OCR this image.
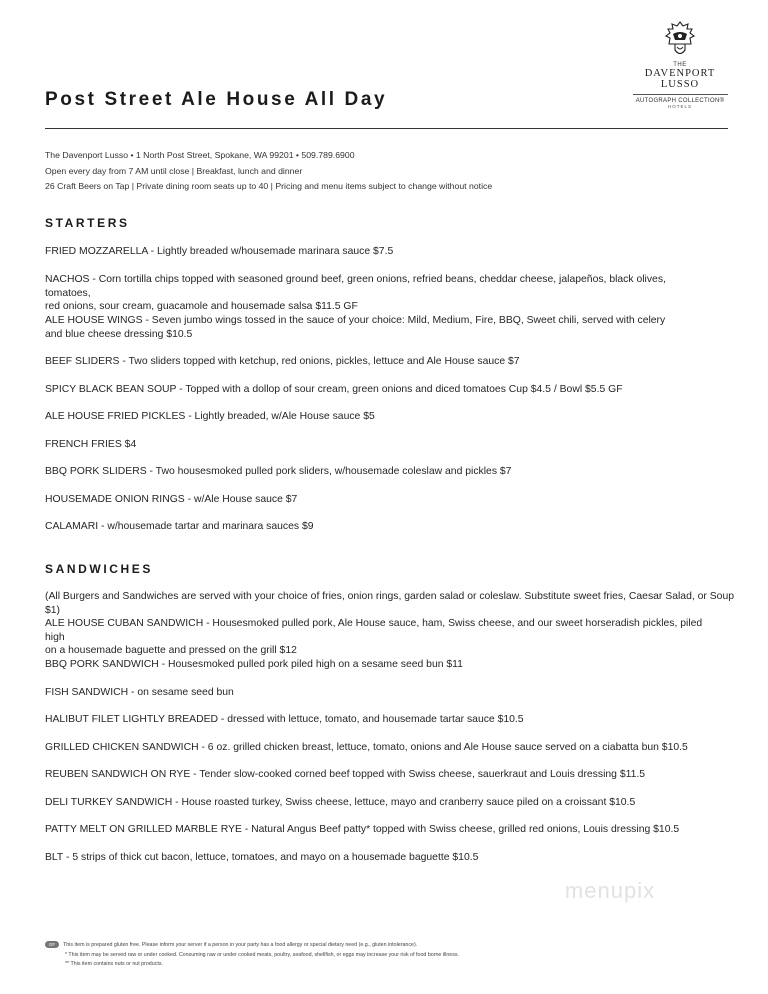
THE
DAVENPORT
LUSSO
AUTOGRAPH COLLECTION®
HOTELS
Post Street Ale House All Day
The Davenport Lusso • 1 North Post Street, Spokane, WA 99201 • 509.789.6900
Open every day from 7 AM until close | Breakfast, lunch and dinner
26 Craft Beers on Tap | Private dining room seats up to 40 | Pricing and menu items subject to change without notice
STARTERS
FRIED MOZZARELLA - Lightly breaded w/housemade marinara sauce $7.5
NACHOS - Corn tortilla chips topped with seasoned ground beef, green onions, refried beans, cheddar cheese, jalapeños, black olives, tomatoes,
red onions, sour cream, guacamole and housemade salsa $11.5 GF
ALE HOUSE WINGS - Seven jumbo wings tossed in the sauce of your choice: Mild, Medium, Fire, BBQ, Sweet chili, served with celery
and blue cheese dressing $10.5
BEEF SLIDERS - Two sliders topped with ketchup, red onions, pickles, lettuce and Ale House sauce $7
SPICY BLACK BEAN SOUP - Topped with a dollop of sour cream, green onions and diced tomatoes Cup $4.5 / Bowl $5.5 GF
ALE HOUSE FRIED PICKLES - Lightly breaded, w/Ale House sauce $5
FRENCH FRIES $4
BBQ PORK SLIDERS - Two housesmoked pulled pork sliders, w/housemade coleslaw and pickles $7
HOUSEMADE ONION RINGS - w/Ale House sauce $7
CALAMARI - w/housemade tartar and marinara sauces $9
SANDWICHES
(All Burgers and Sandwiches are served with your choice of fries, onion rings, garden salad or coleslaw. Substitute sweet fries, Caesar Salad, or Soup $1)
ALE HOUSE CUBAN SANDWICH - Housesmoked pulled pork, Ale House sauce, ham, Swiss cheese, and our sweet horseradish pickles, piled high
on a housemade baguette and pressed on the grill $12
BBQ PORK SANDWICH - Housesmoked pulled pork piled high on a sesame seed bun $11
FISH SANDWICH - on sesame seed bun
HALIBUT FILET LIGHTLY BREADED - dressed with lettuce, tomato, and housemade tartar sauce $10.5
GRILLED CHICKEN SANDWICH - 6 oz. grilled chicken breast, lettuce, tomato, onions and Ale House sauce served on a ciabatta bun $10.5
REUBEN SANDWICH ON RYE - Tender slow-cooked corned beef topped with Swiss cheese, sauerkraut and Louis dressing $11.5
DELI TURKEY SANDWICH - House roasted turkey, Swiss cheese, lettuce, mayo and cranberry sauce piled on a croissant $10.5
PATTY MELT ON GRILLED MARBLE RYE - Natural Angus Beef patty* topped with Swiss cheese, grilled red onions, Louis dressing $10.5
BLT - 5 strips of thick cut bacon, lettuce, tomatoes, and mayo on a housemade baguette $10.5
menupix
GF This item is prepared gluten free. Please inform your server if a person in your party has a food allergy or special dietary need (e.g., gluten intolerance).
* This item may be served raw or under cooked. Consuming raw or under cooked meats, poultry, seafood, shellfish, or eggs may increase your risk of food borne illness.
** This item contains nuts or nut products.
